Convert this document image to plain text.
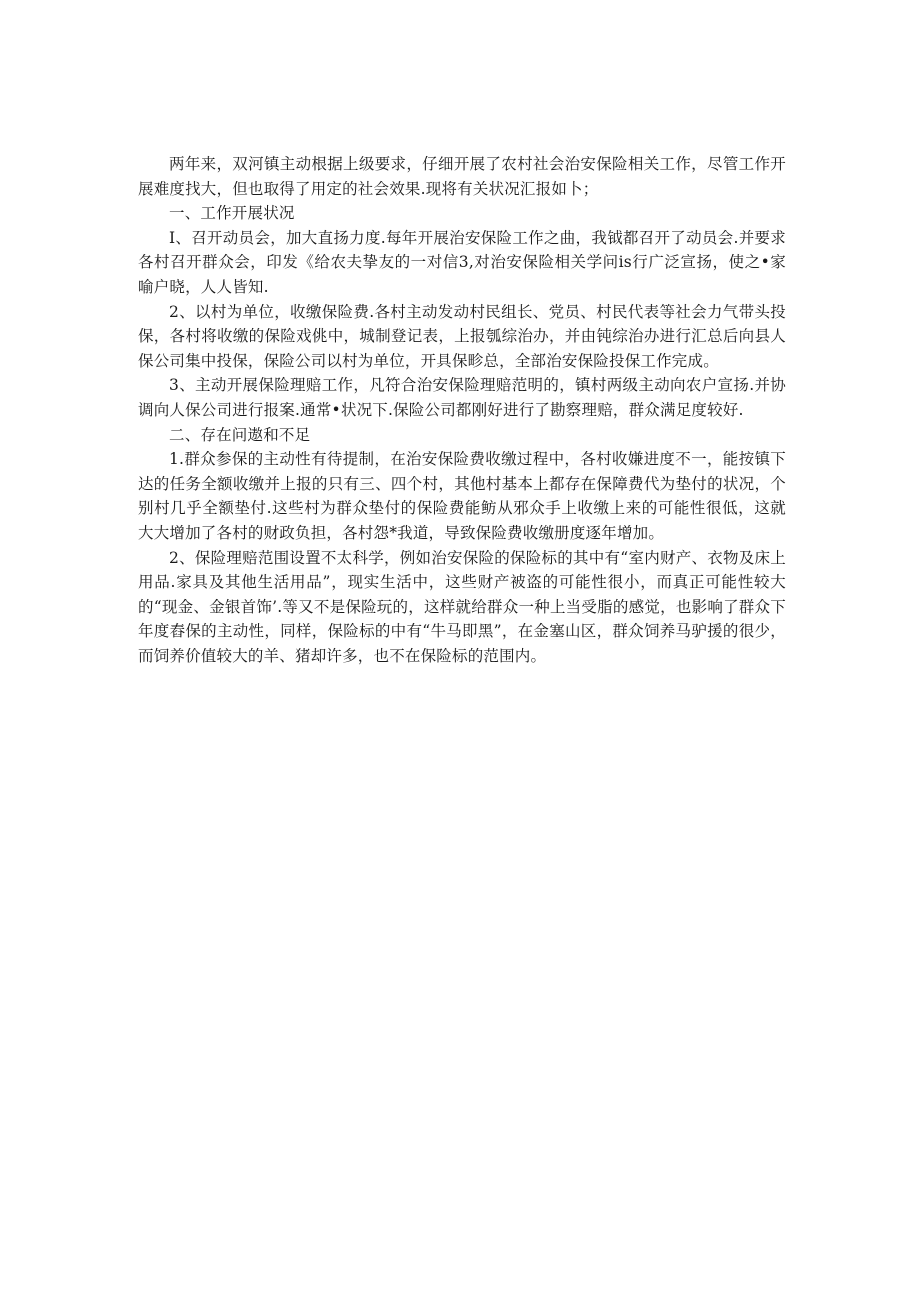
两年来，双河镇主动根据上级要求，仔细开展了农村社会治安保险相关工作，尽管工作开展难度找大，但也取得了用定的社会效果.现将有关状况汇报如卜；

一、工作开展状况

I、召开动员会，加大直扬力度.每年开展治安保险工作之曲，我钺都召开了动员会.并要求各村召开群众会，印发《给农夫挚友的一对信3,对治安保险相关学问is行广泛宣扬，使之•家喻户晓，人人皆知.

2、以村为单位，收缴保险费.各村主动发动村民组长、党员、村民代表等社会力气带头投保，各村将收缴的保险戏佻中，城制登记表，上报瓠综治办，并由钝综治办进行汇总后向县人保公司集中投保，保险公司以村为单位，开具保畛总，全部治安保险投保工作完成。

3、主动开展保险理赔工作，凡符合治安保险理赔范明的，镇村两级主动向农户宣扬.并协调向人保公司进行报案.通常•状况下.保险公司都刚好进行了勘察理赔，群众满足度较好.

二、存在问遨和不足

1.群众参保的主动性有待提制，在治安保险费收缴过程中，各村收嫌进度不一，能按镇下达的任务全额收缴并上报的只有三、四个村，其他村基本上都存在保障费代为垫付的状况，个别村几乎全额垫付.这些村为群众垫付的保险费能鲂从邪众手上收缴上来的可能性很低，这就大大增加了各村的财政负担，各村怨*我道，导致保险费收缴册度逐年增加。

2、保险理赔范围设置不太科学，例如治安保险的保险标的其中有“室内财产、衣物及床上用品.家具及其他生活用品”，现实生活中，这些财产被盗的可能性很小，而真正可能性较大的“现金、金银首饰’.等又不是保险玩的，这样就给群众一种上当受脂的感觉，也影响了群众下年度舂保的主动性，同样，保险标的中有“牛马即黑”，在金塞山区，群众饲养马驴援的很少，而饲养价值较大的羊、猪却许多，也不在保险标的范围内。
